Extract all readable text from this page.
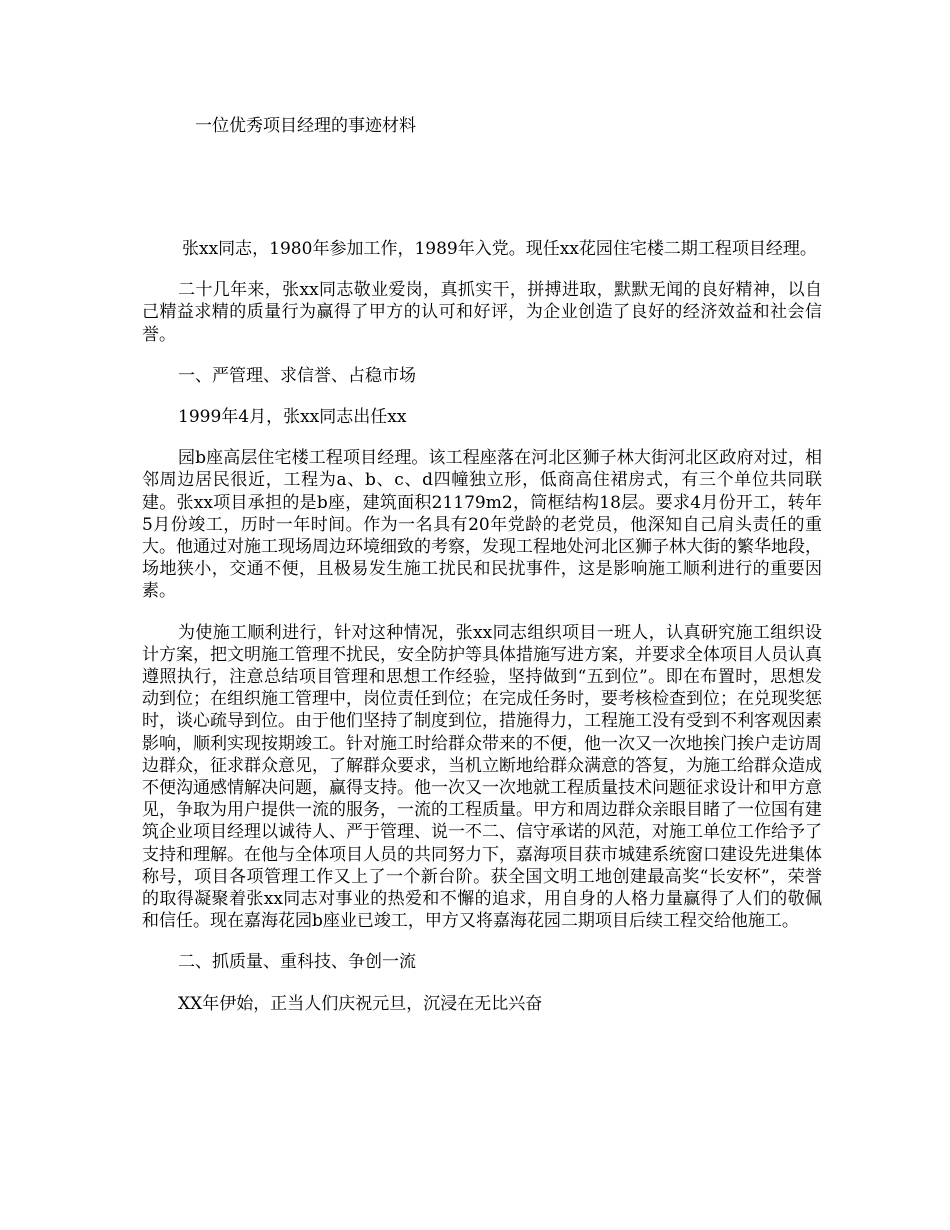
一位优秀项目经理的事迹材料

张xx同志，1980年参加工作，1989年入党。现任xx花园住宅楼二期工程项目经理。

二十几年来，张xx同志敬业爱岗，真抓实干，拼搏进取，默默无闻的良好精神，以自己精益求精的质量行为赢得了甲方的认可和好评，为企业创造了良好的经济效益和社会信誉。

一、严管理、求信誉、占稳市场

1999年4月，张xx同志出任xx

园b座高层住宅楼工程项目经理。该工程座落在河北区狮子林大街河北区政府对过，相邻周边居民很近，工程为a、b、c、d四幢独立形，低商高住裙房式，有三个单位共同联建。张xx项目承担的是b座，建筑面积21179m2，筒框结构18层。要求4月份开工，转年5月份竣工，历时一年时间。作为一名具有20年党龄的老党员，他深知自己肩头责任的重大。他通过对施工现场周边环境细致的考察，发现工程地处河北区狮子林大街的繁华地段，场地狭小，交通不便，且极易发生施工扰民和民扰事件，这是影响施工顺利进行的重要因素。

为使施工顺利进行，针对这种情况，张xx同志组织项目一班人，认真研究施工组织设计方案，把文明施工管理不扰民，安全防护等具体措施写进方案，并要求全体项目人员认真遵照执行，注意总结项目管理和思想工作经验，坚持做到“五到位”。即在布置时，思想发动到位；在组织施工管理中，岗位责任到位；在完成任务时，要考核检查到位；在兑现奖惩时，谈心疏导到位。由于他们坚持了制度到位，措施得力，工程施工没有受到不利客观因素影响，顺利实现按期竣工。针对施工时给群众带来的不便，他一次又一次地挨门挨户走访周边群众，征求群众意见，了解群众要求，当机立断地给群众满意的答复，为施工给群众造成不便沟通感情解决问题，赢得支持。他一次又一次地就工程质量技术问题征求设计和甲方意见，争取为用户提供一流的服务，一流的工程质量。甲方和周边群众亲眼目睹了一位国有建筑企业项目经理以诚待人、严于管理、说一不二、信守承诺的风范，对施工单位工作给予了支持和理解。在他与全体项目人员的共同努力下，嘉海项目获市城建系统窗口建设先进集体称号，项目各项管理工作又上了一个新台阶。获全国文明工地创建最高奖“长安杯”，荣誉的取得凝聚着张xx同志对事业的热爱和不懈的追求，用自身的人格力量赢得了人们的敬佩和信任。现在嘉海花园b座业已竣工，甲方又将嘉海花园二期项目后续工程交给他施工。

二、抓质量、重科技、争创一流

XX年伊始，正当人们庆祝元旦，沉浸在无比兴奋
